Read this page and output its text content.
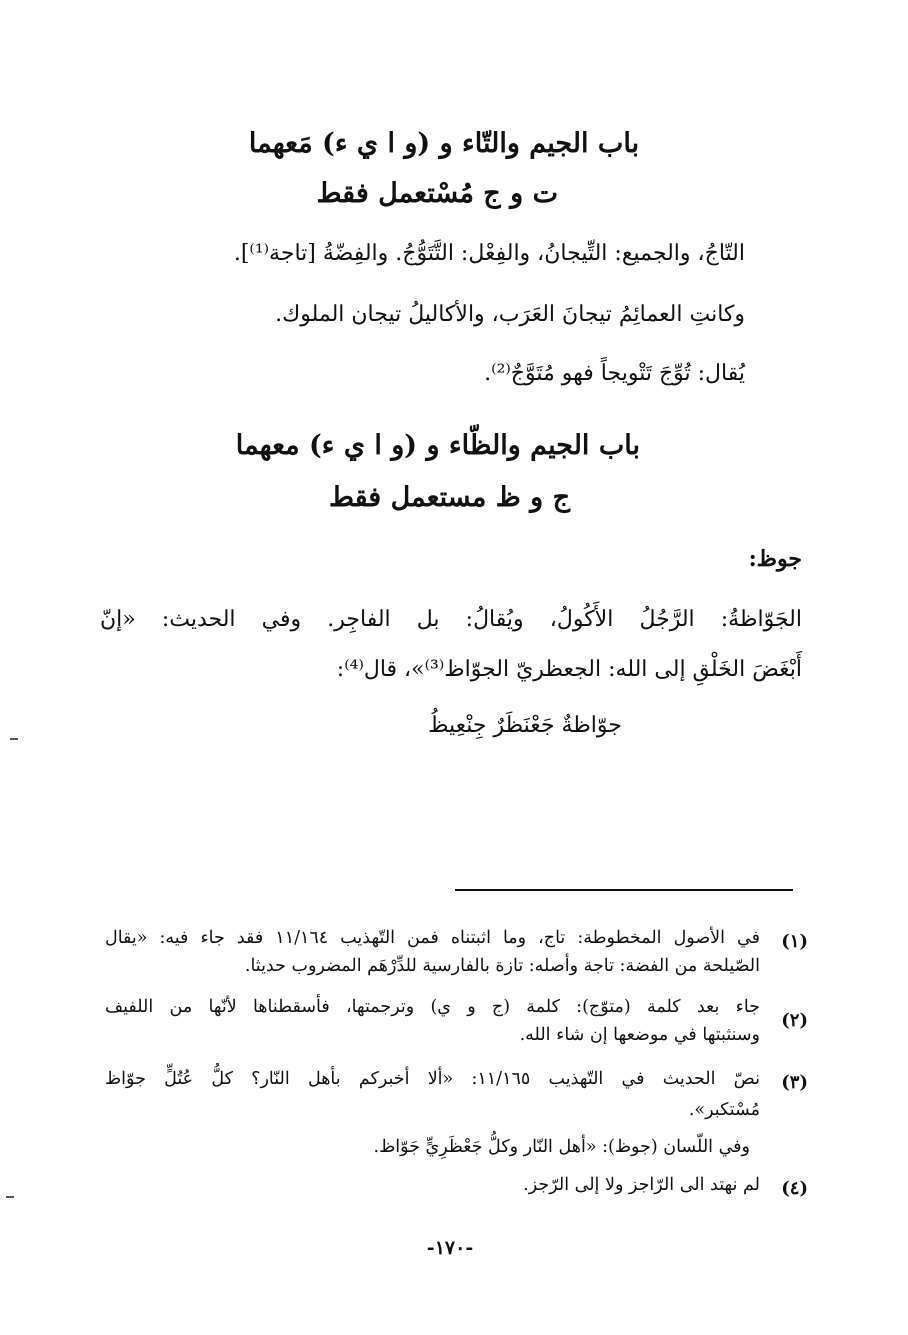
باب الجيم والتّاء و (و ا ي ء) مَعهما
ت و ج مُسْتعمل فقط
التّاجُ، والجميع: التِّيجانُ، والفِعْل: التَّتَوُّجُ. والفِضّةُ [تاجة⁽¹⁾].
وكانتِ العمائِمُ تيجانَ العَرَب، والأكاليلُ تيجان الملوك.
يُقال: تُوِّجَ تَتْويجاً فهو مُتَوَّجٌ⁽²⁾.
باب الجيم والظّاء و (و ا ي ء) معهما
ج و ظ مستعمل فقط
جوظ:
الجَوّاظةُ: الرَّجُلُ الأَكُولُ، ويُقالُ: بل الفاجِر. وفي الحديث: «إنّ
أَبْغَضَ الخَلْقِ إلى الله: الجعظريّ الجوّاظ⁽³⁾»، قال⁽⁴⁾:
جوّاظةٌ جَعْنَظَرٌ جِنْعِيظُ
(١)
في الأصول المخطوطة: تاج، وما اثبتناه فمن التّهذيب ١١/١٦٤ فقد جاء فيه: «يقال
الصّيلحة من الفضة: تاجة وأصله: تازة بالفارسية للدِّرْهَم المضروب حديثا.
(٢)
جاء بعد كلمة (متوّج): كلمة (ج و ي) وترجمتها، فأسقطناها لأنّها من اللفيف
وسنثبتها في موضعها إن شاء الله.
(٣)
نصّ الحديث في التّهذيب ١١/١٦٥: «ألا أخبركم بأهل النّار؟ كلُّ عُتُلٍّ جوّاظ
مُسْتكبر».
وفي اللّسان (جوظ): «أهل النّار وكلُّ جَعْظَرِيٍّ جَوّاظ.
(٤)
لم نهتد الى الرّاجز ولا إلى الرّجز.
-١٧٠-
